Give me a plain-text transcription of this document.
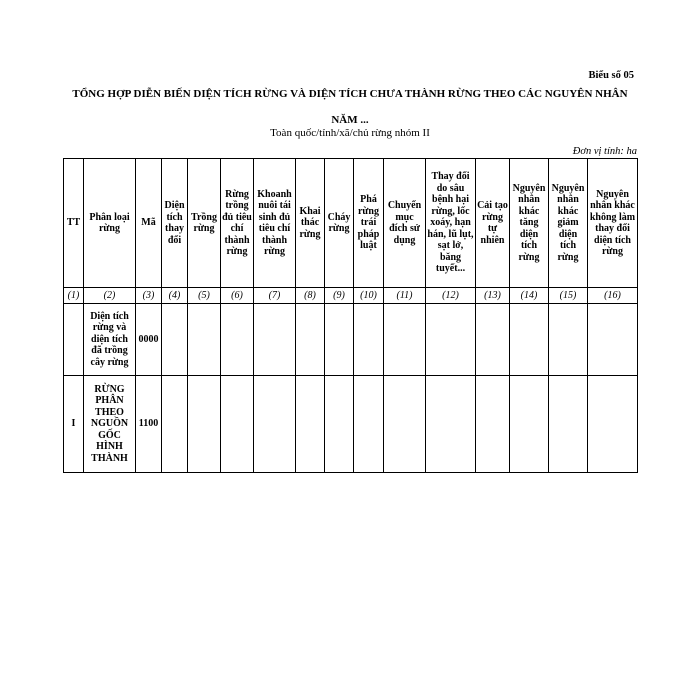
Biểu số 05
TỔNG HỢP DIỄN BIẾN DIỆN TÍCH RỪNG VÀ DIỆN TÍCH CHƯA THÀNH RỪNG THEO CÁC NGUYÊN NHÂN
NĂM ...
Toàn quốc/tỉnh/xã/chủ rừng nhóm II
Đơn vị tính: ha
TT	Phân loại rừng	Mã	Diện tích thay đổi	Trồng rừng	Rừng trồng đủ tiêu chí thành rừng	Khoanh nuôi tái sinh đủ tiêu chí thành rừng	Khai thác rừng	Cháy rừng	Phá rừng trái pháp luật	Chuyển mục đích sử dụng	Thay đổi do sâu bệnh hại rừng, lốc xoáy, hạn hán, lũ lụt, sạt lở, băng tuyết...	Cải tạo rừng tự nhiên	Nguyên nhân khác tăng diện tích rừng	Nguyên nhân khác giảm diện tích rừng	Nguyên nhân khác không làm thay đổi diện tích rừng
(1)	(2)	(3)	(4)	(5)	(6)	(7)	(8)	(9)	(10)	(11)	(12)	(13)	(14)	(15)	(16)
	Diện tích rừng và diện tích đã trồng cây rừng	0000													
I	RỪNG PHÂN THEO NGUỒN GỐC HÌNH THÀNH	1100													
